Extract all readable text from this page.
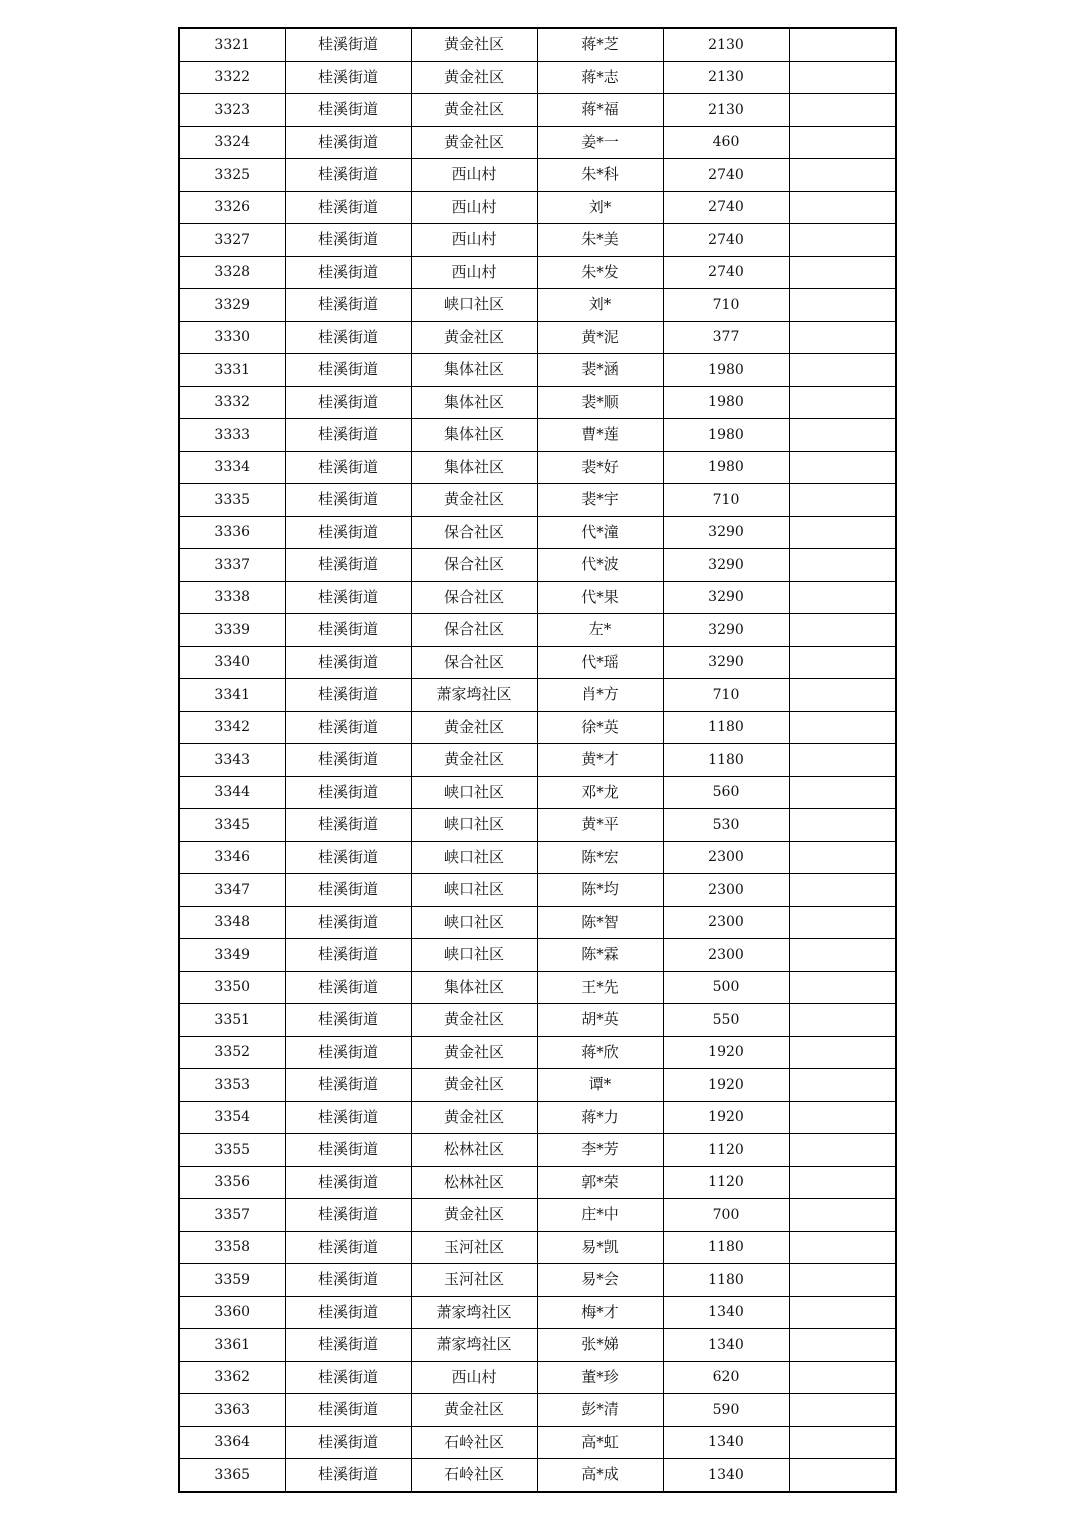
3321	桂溪街道	黄金社区	蒋*芝	2130	
3322	桂溪街道	黄金社区	蒋*志	2130	
3323	桂溪街道	黄金社区	蒋*福	2130	
3324	桂溪街道	黄金社区	姜*一	460	
3325	桂溪街道	西山村	朱*科	2740	
3326	桂溪街道	西山村	刘*	2740	
3327	桂溪街道	西山村	朱*美	2740	
3328	桂溪街道	西山村	朱*发	2740	
3329	桂溪街道	峡口社区	刘*	710	
3330	桂溪街道	黄金社区	黄*泥	377	
3331	桂溪街道	集体社区	裴*涵	1980	
3332	桂溪街道	集体社区	裴*顺	1980	
3333	桂溪街道	集体社区	曹*莲	1980	
3334	桂溪街道	集体社区	裴*好	1980	
3335	桂溪街道	黄金社区	裴*宇	710	
3336	桂溪街道	保合社区	代*潼	3290	
3337	桂溪街道	保合社区	代*波	3290	
3338	桂溪街道	保合社区	代*果	3290	
3339	桂溪街道	保合社区	左*	3290	
3340	桂溪街道	保合社区	代*瑶	3290	
3341	桂溪街道	萧家塆社区	肖*方	710	
3342	桂溪街道	黄金社区	徐*英	1180	
3343	桂溪街道	黄金社区	黄*才	1180	
3344	桂溪街道	峡口社区	邓*龙	560	
3345	桂溪街道	峡口社区	黄*平	530	
3346	桂溪街道	峡口社区	陈*宏	2300	
3347	桂溪街道	峡口社区	陈*均	2300	
3348	桂溪街道	峡口社区	陈*智	2300	
3349	桂溪街道	峡口社区	陈*霖	2300	
3350	桂溪街道	集体社区	王*先	500	
3351	桂溪街道	黄金社区	胡*英	550	
3352	桂溪街道	黄金社区	蒋*欣	1920	
3353	桂溪街道	黄金社区	谭*	1920	
3354	桂溪街道	黄金社区	蒋*力	1920	
3355	桂溪街道	松林社区	李*芳	1120	
3356	桂溪街道	松林社区	郭*荣	1120	
3357	桂溪街道	黄金社区	庄*中	700	
3358	桂溪街道	玉河社区	易*凯	1180	
3359	桂溪街道	玉河社区	易*会	1180	
3360	桂溪街道	萧家塆社区	梅*才	1340	
3361	桂溪街道	萧家塆社区	张*娣	1340	
3362	桂溪街道	西山村	董*珍	620	
3363	桂溪街道	黄金社区	彭*清	590	
3364	桂溪街道	石岭社区	高*虹	1340	
3365	桂溪街道	石岭社区	高*成	1340	
